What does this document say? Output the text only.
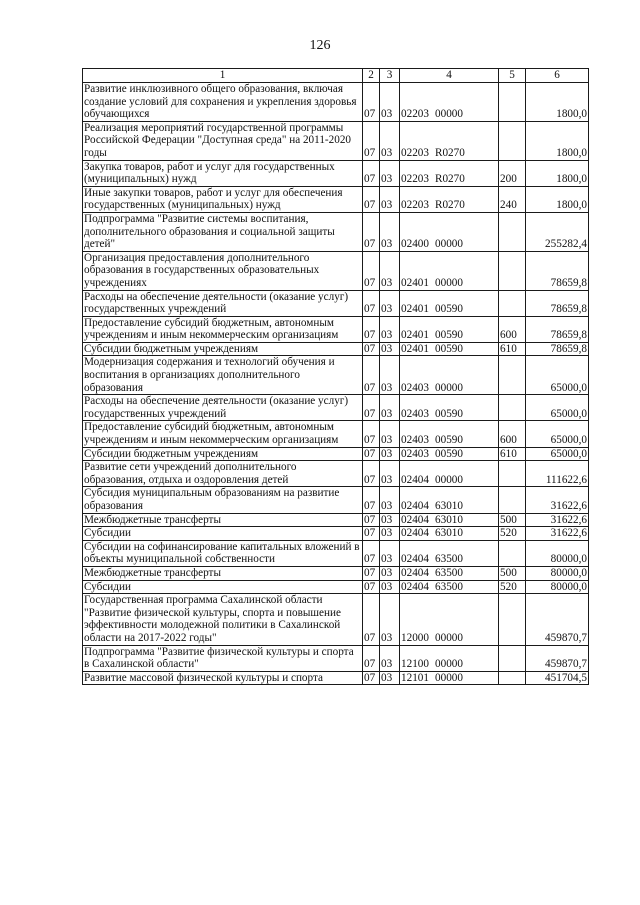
126
1	2	3	4	5	6
Развитие инклюзивного общего образования, включая создание условий для сохранения и укрепления здоровья обучающихся	07	03	02203 00000		1800,0
Реализация мероприятий государственной программы Российской Федерации "Доступная среда" на 2011-2020 годы	07	03	02203 R0270		1800,0
Закупка товаров, работ и услуг для государственных (муниципальных) нужд	07	03	02203 R0270	200	1800,0
Иные закупки товаров, работ и услуг для обеспечения государственных (муниципальных) нужд	07	03	02203 R0270	240	1800,0
Подпрограмма "Развитие системы воспитания, дополнительного образования и социальной защиты детей"	07	03	02400 00000		255282,4
Организация предоставления дополнительного образования в государственных образовательных учреждениях	07	03	02401 00000		78659,8
Расходы на обеспечение деятельности (оказание услуг) государственных учреждений	07	03	02401 00590		78659,8
Предоставление субсидий бюджетным, автономным учреждениям и иным некоммерческим организациям	07	03	02401 00590	600	78659,8
Субсидии бюджетным учреждениям	07	03	02401 00590	610	78659,8
Модернизация содержания и технологий обучения и воспитания в организациях дополнительного образования	07	03	02403 00000		65000,0
Расходы на обеспечение деятельности (оказание услуг) государственных учреждений	07	03	02403 00590		65000,0
Предоставление субсидий бюджетным, автономным учреждениям и иным некоммерческим организациям	07	03	02403 00590	600	65000,0
Субсидии бюджетным учреждениям	07	03	02403 00590	610	65000,0
Развитие сети учреждений дополнительного образования, отдыха и оздоровления детей	07	03	02404 00000		111622,6
Субсидия муниципальным образованиям на развитие образования	07	03	02404 63010		31622,6
Межбюджетные трансферты	07	03	02404 63010	500	31622,6
Субсидии	07	03	02404 63010	520	31622,6
Субсидии на софинансирование капитальных вложений в объекты муниципальной собственности	07	03	02404 63500		80000,0
Межбюджетные трансферты	07	03	02404 63500	500	80000,0
Субсидии	07	03	02404 63500	520	80000,0
Государственная программа Сахалинской области "Развитие физической культуры, спорта и повышение эффективности молодежной политики в Сахалинской области на 2017-2022 годы"	07	03	12000 00000		459870,7
Подпрограмма "Развитие физической культуры и спорта в Сахалинской области"	07	03	12100 00000		459870,7
Развитие массовой физической культуры и спорта	07	03	12101 00000		451704,5
